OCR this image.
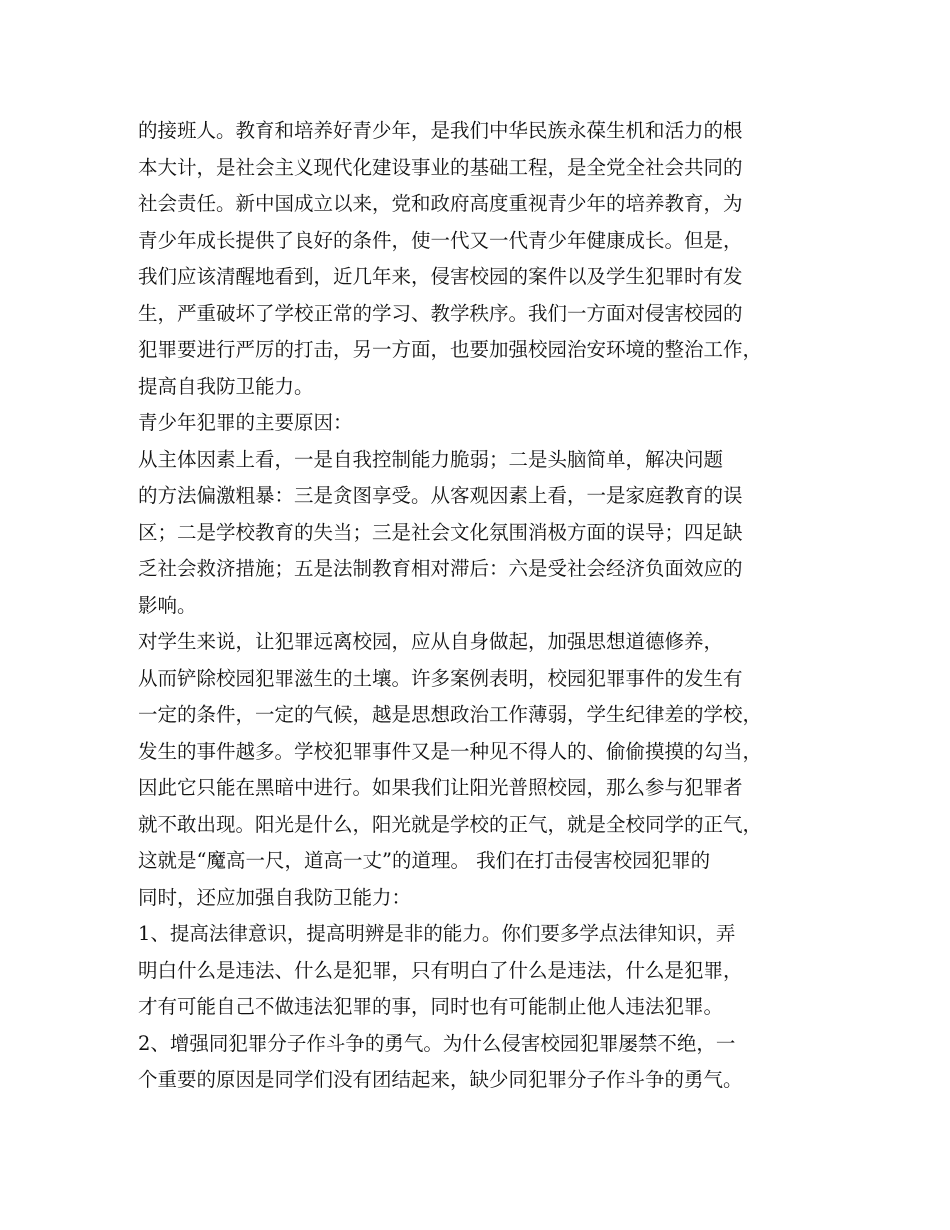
的接班人。教育和培养好青少年，是我们中华民族永葆生机和活力的根
本大计，是社会主义现代化建设事业的基础工程，是全党全社会共同的
社会责任。新中国成立以来，党和政府高度重视青少年的培养教育，为
青少年成长提供了良好的条件，使一代又一代青少年健康成长。但是，
我们应该清醒地看到，近几年来，侵害校园的案件以及学生犯罪时有发
生，严重破坏了学校正常的学习、教学秩序。我们一方面对侵害校园的
犯罪要进行严厉的打击，另一方面，也要加强校园治安环境的整治工作，
提高自我防卫能力。
青少年犯罪的主要原因：
从主体因素上看，一是自我控制能力脆弱；二是头脑简单，解决问题
的方法偏激粗暴：三是贪图享受。从客观因素上看，一是家庭教育的误
区；二是学校教育的失当；三是社会文化氛围消极方面的误导；四足缺
乏社会救济措施；五是法制教育相对滞后：六是受社会经济负面效应的
影响。
对学生来说，让犯罪远离校园，应从自身做起，加强思想道德修养，
从而铲除校园犯罪滋生的土壤。许多案例表明，校园犯罪事件的发生有
一定的条件，一定的气候，越是思想政治工作薄弱，学生纪律差的学校，
发生的事件越多。学校犯罪事件又是一种见不得人的、偷偷摸摸的勾当，
因此它只能在黑暗中进行。如果我们让阳光普照校园，那么参与犯罪者
就不敢出现。阳光是什么，阳光就是学校的正气，就是全校同学的正气，
这就是“魔高一尺，道高一丈”的道理。 我们在打击侵害校园犯罪的
同时，还应加强自我防卫能力：
1、提高法律意识，提高明辨是非的能力。你们要多学点法律知识，弄
明白什么是违法、什么是犯罪，只有明白了什么是违法，什么是犯罪，
才有可能自己不做违法犯罪的事，同时也有可能制止他人违法犯罪。
2、增强同犯罪分子作斗争的勇气。为什么侵害校园犯罪屡禁不绝，一
个重要的原因是同学们没有团结起来，缺少同犯罪分子作斗争的勇气。
